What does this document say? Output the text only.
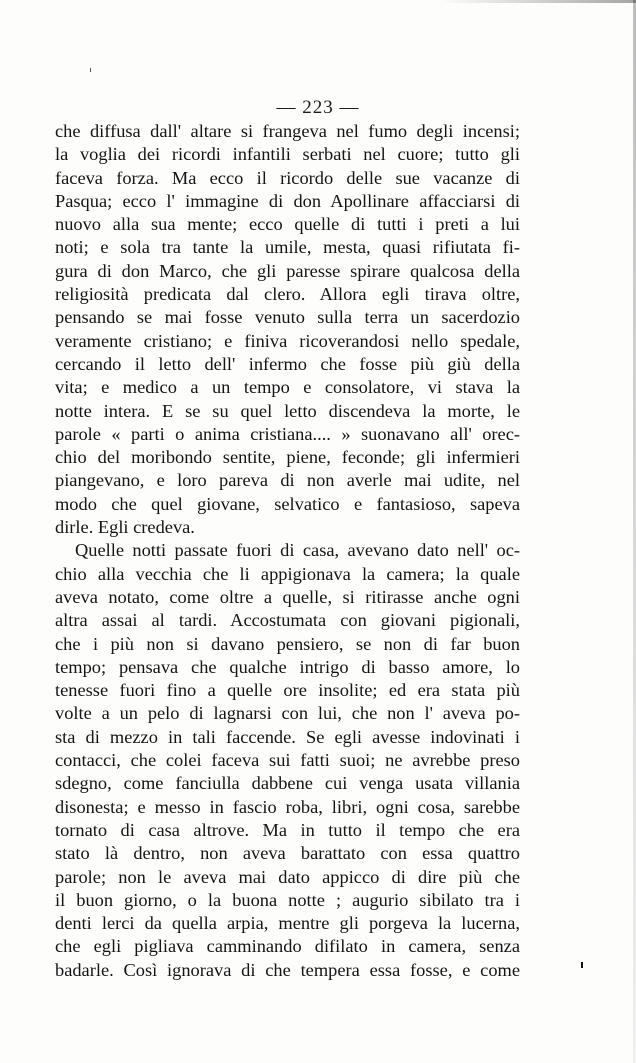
— 223 —
che diffusa dall' altare si frangeva nel fumo degli incensi;
la voglia dei ricordi infantili serbati nel cuore; tutto gli
faceva forza. Ma ecco il ricordo delle sue vacanze di
Pasqua; ecco l' immagine di don Apollinare affacciarsi di
nuovo alla sua mente; ecco quelle di tutti i preti a lui
noti; e sola tra tante la umile, mesta, quasi rifiutata fi-
gura di don Marco, che gli paresse spirare qualcosa della
religiosità predicata dal clero. Allora egli tirava oltre,
pensando se mai fosse venuto sulla terra un sacerdozio
veramente cristiano; e finiva ricoverandosi nello spedale,
cercando il letto dell' infermo che fosse più giù della
vita; e medico a un tempo e consolatore, vi stava la
notte intera. E se su quel letto discendeva la morte, le
parole « parti o anima cristiana.... » suonavano all' orec-
chio del moribondo sentite, piene, feconde; gli infermieri
piangevano, e loro pareva di non averle mai udite, nel
modo che quel giovane, selvatico e fantasioso, sapeva
dirle. Egli credeva.
Quelle notti passate fuori di casa, avevano dato nell' oc-
chio alla vecchia che li appigionava la camera; la quale
aveva notato, come oltre a quelle, si ritirasse anche ogni
altra assai al tardi. Accostumata con giovani pigionali,
che i più non si davano pensiero, se non di far buon
tempo; pensava che qualche intrigo di basso amore, lo
tenesse fuori fino a quelle ore insolite; ed era stata più
volte a un pelo di lagnarsi con lui, che non l' aveva po-
sta di mezzo in tali faccende. Se egli avesse indovinati i
contacci, che colei faceva sui fatti suoi; ne avrebbe preso
sdegno, come fanciulla dabbene cui venga usata villania
disonesta; e messo in fascio roba, libri, ogni cosa, sarebbe
tornato di casa altrove. Ma in tutto il tempo che era
stato là dentro, non aveva barattato con essa quattro
parole; non le aveva mai dato appicco di dire più che
il buon giorno, o la buona notte ; augurio sibilato tra i
denti lerci da quella arpia, mentre gli porgeva la lucerna,
che egli pigliava camminando difilato in camera, senza
badarle. Così ignorava di che tempera essa fosse, e come
